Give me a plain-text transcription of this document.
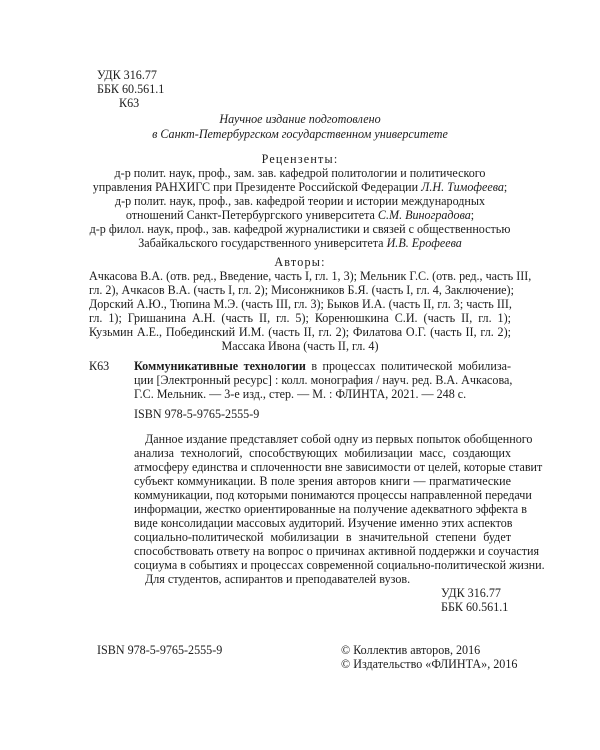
УДК 316.77
ББК 60.561.1
К63
Научное издание подготовлено
в Санкт-Петербургском государственном университете
Рецензенты:
д-р полит. наук, проф., зам. зав. кафедрой политологии и политического
управления РАНХИГС при Президенте Российской Федерации Л.Н. Тимофеева;
д-р полит. наук, проф., зав. кафедрой теории и истории международных
отношений Санкт-Петербургского университета С.М. Виноградова;
д-р филол. наук, проф., зав. кафедрой журналистики и связей с общественностью
Забайкальского государственного университета И.В. Ерофеева
Авторы:
Ачкасова В.А. (отв. ред., Введение, часть I, гл. 1, 3); Мельник Г.С. (отв. ред., часть III,
гл. 2), Ачкасов В.А. (часть I, гл. 2); Мисонжников Б.Я. (часть I, гл. 4, Заключение);
Дорский А.Ю., Тюпина М.Э. (часть III, гл. 3); Быков И.А. (часть II, гл. 3; часть III,
гл. 1); Гришанина А.Н. (часть II, гл. 5); Коренюшкина С.И. (часть II, гл. 1);
Кузьмин А.Е., Побединский И.М. (часть II, гл. 2); Филатова О.Г. (часть II, гл. 2);
Массака Ивона (часть II, гл. 4)
К63 Коммуникативные технологии в процессах политической мобилиза-
ции [Электронный ресурс] : колл. монография / науч. ред. В.А. Ачкасова,
Г.С. Мельник. — 3-е изд., стер. — М. : ФЛИНТА, 2021. — 248 с.
ISBN 978-5-9765-2555-9
Данное издание представляет собой одну из первых попыток обобщенного
анализа технологий, способствующих мобилизации масс, создающих
атмосферу единства и сплоченности вне зависимости от целей, которые ставит
субъект коммуникации. В поле зрения авторов книги — прагматические
коммуникации, под которыми понимаются процессы направленной передачи
информации, жестко ориентированные на получение адекватного эффекта в
виде консолидации массовых аудиторий. Изучение именно этих аспектов
социально-политической мобилизации в значительной степени будет
способствовать ответу на вопрос о причинах активной поддержки и соучастия
социума в событиях и процессах современной социально-политической жизни.
Для студентов, аспирантов и преподавателей вузов.
УДК 316.77
ББК 60.561.1
ISBN 978-5-9765-2555-9	© Коллектив авторов, 2016
© Издательство «ФЛИНТА», 2016
